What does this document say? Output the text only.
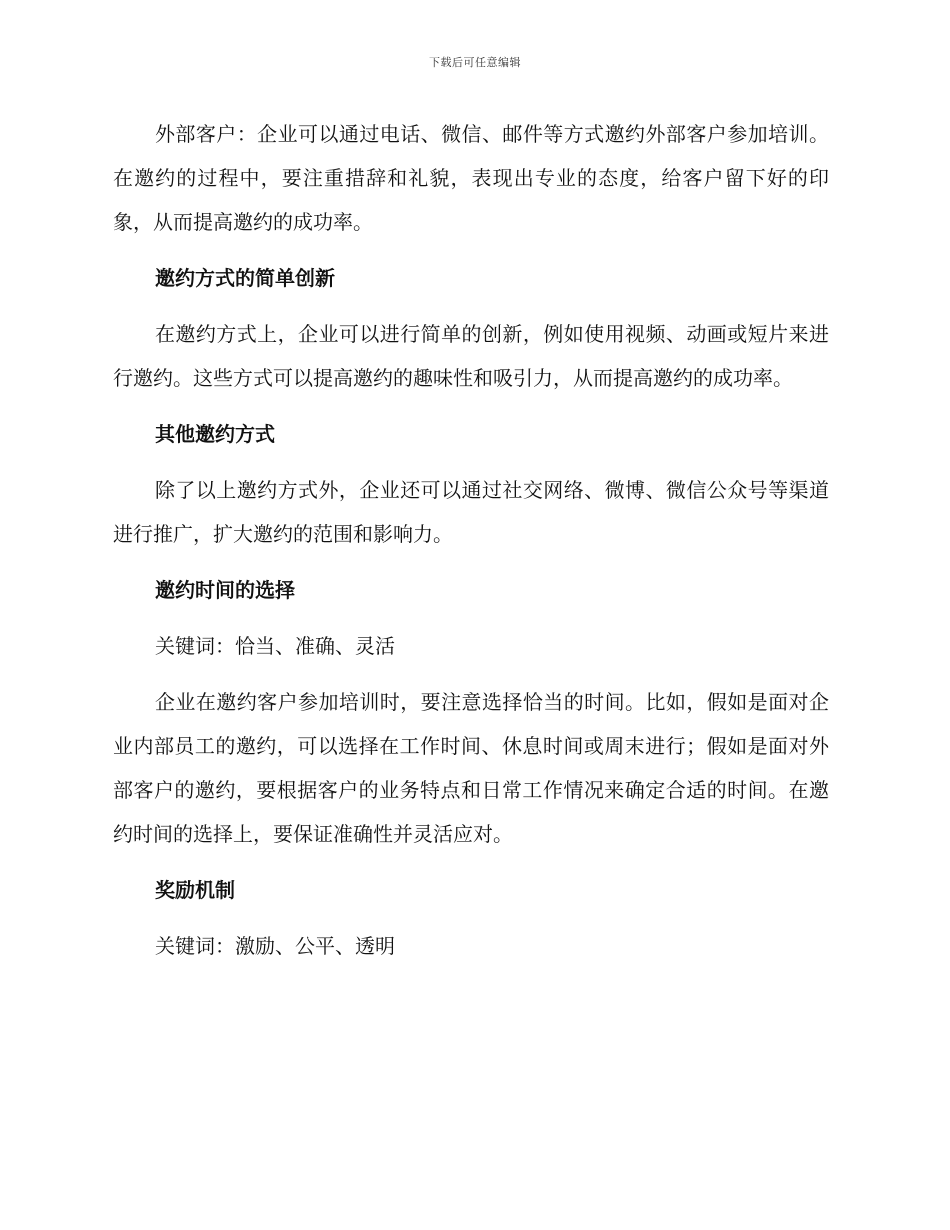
下载后可任意编辑

外部客户：企业可以通过电话、微信、邮件等方式邀约外部客户参加培训。在邀约的过程中，要注重措辞和礼貌，表现出专业的态度，给客户留下好的印象，从而提高邀约的成功率。

邀约方式的简单创新

在邀约方式上，企业可以进行简单的创新，例如使用视频、动画或短片来进行邀约。这些方式可以提高邀约的趣味性和吸引力，从而提高邀约的成功率。

其他邀约方式

除了以上邀约方式外，企业还可以通过社交网络、微博、微信公众号等渠道进行推广，扩大邀约的范围和影响力。

邀约时间的选择

关键词：恰当、准确、灵活

企业在邀约客户参加培训时，要注意选择恰当的时间。比如，假如是面对企业内部员工的邀约，可以选择在工作时间、休息时间或周末进行；假如是面对外部客户的邀约，要根据客户的业务特点和日常工作情况来确定合适的时间。在邀约时间的选择上，要保证准确性并灵活应对。

奖励机制

关键词：激励、公平、透明
